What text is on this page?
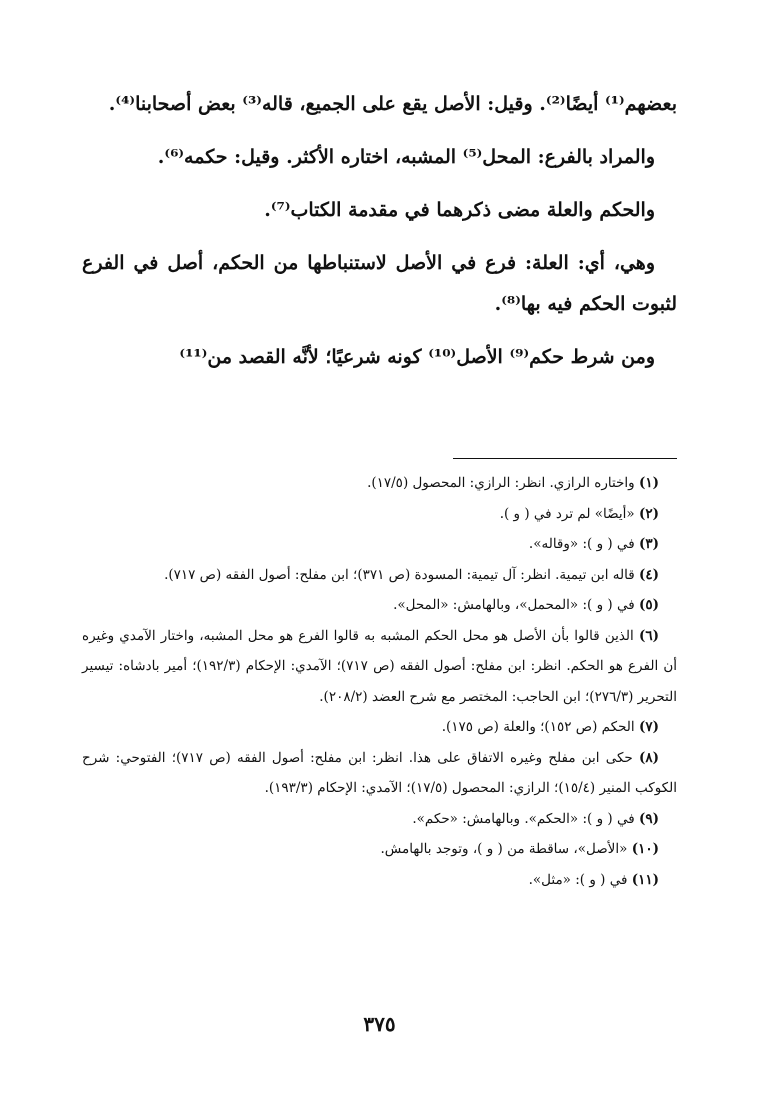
بعضهم⁽¹⁾ أيضًا⁽²⁾. وقيل: الأصل يقع على الجميع، قاله⁽³⁾ بعض أصحابنا⁽⁴⁾.

والمراد بالفرع: المحل⁽⁵⁾ المشبه، اختاره الأكثر. وقيل: حكمه⁽⁶⁾.

والحكم والعلة مضى ذكرهما في مقدمة الكتاب⁽⁷⁾.

وهي، أي: العلة: فرع في الأصل لاستنباطها من الحكم، أصل في الفرع لثبوت الحكم فيه بها⁽⁸⁾.

ومن شرط حكم⁽⁹⁾ الأصل⁽¹⁰⁾ كونه شرعيًا؛ لأنَّه القصد من⁽¹¹⁾

(١) واختاره الرازي. انظر: الرازي: المحصول (١٧/٥).

(٢) «أيضًا» لم ترد في ( و ).

(٣) في ( و ): «وقاله».

(٤) قاله ابن تيمية. انظر: آل تيمية: المسودة (ص ٣٧١)؛ ابن مفلح: أصول الفقه (ص ٧١٧).

(٥) في ( و ): «المحمل»، وبالهامش: «المحل».

(٦) الذين قالوا بأن الأصل هو محل الحكم المشبه به قالوا الفرع هو محل المشبه، واختار الآمدي وغيره أن الفرع هو الحكم. انظر: ابن مفلح: أصول الفقه (ص ٧١٧)؛ الآمدي: الإحكام (١٩٢/٣)؛ أمير بادشاه: تيسير التحرير (٢٧٦/٣)؛ ابن الحاجب: المختصر مع شرح العضد (٢٠٨/٢).

(٧) الحكم (ص ١٥٢)؛ والعلة (ص ١٧٥).

(٨) حكى ابن مفلح وغيره الاتفاق على هذا. انظر: ابن مفلح: أصول الفقه (ص ٧١٧)؛ الفتوحي: شرح الكوكب المنير (١٥/٤)؛ الرازي: المحصول (١٧/٥)؛ الآمدي: الإحكام (١٩٣/٣).

(٩) في ( و ): «الحكم». وبالهامش: «حكم».

(١٠) «الأصل»، ساقطة من ( و )، وتوجد بالهامش.

(١١) في ( و ): «مثل».

٣٧٥
